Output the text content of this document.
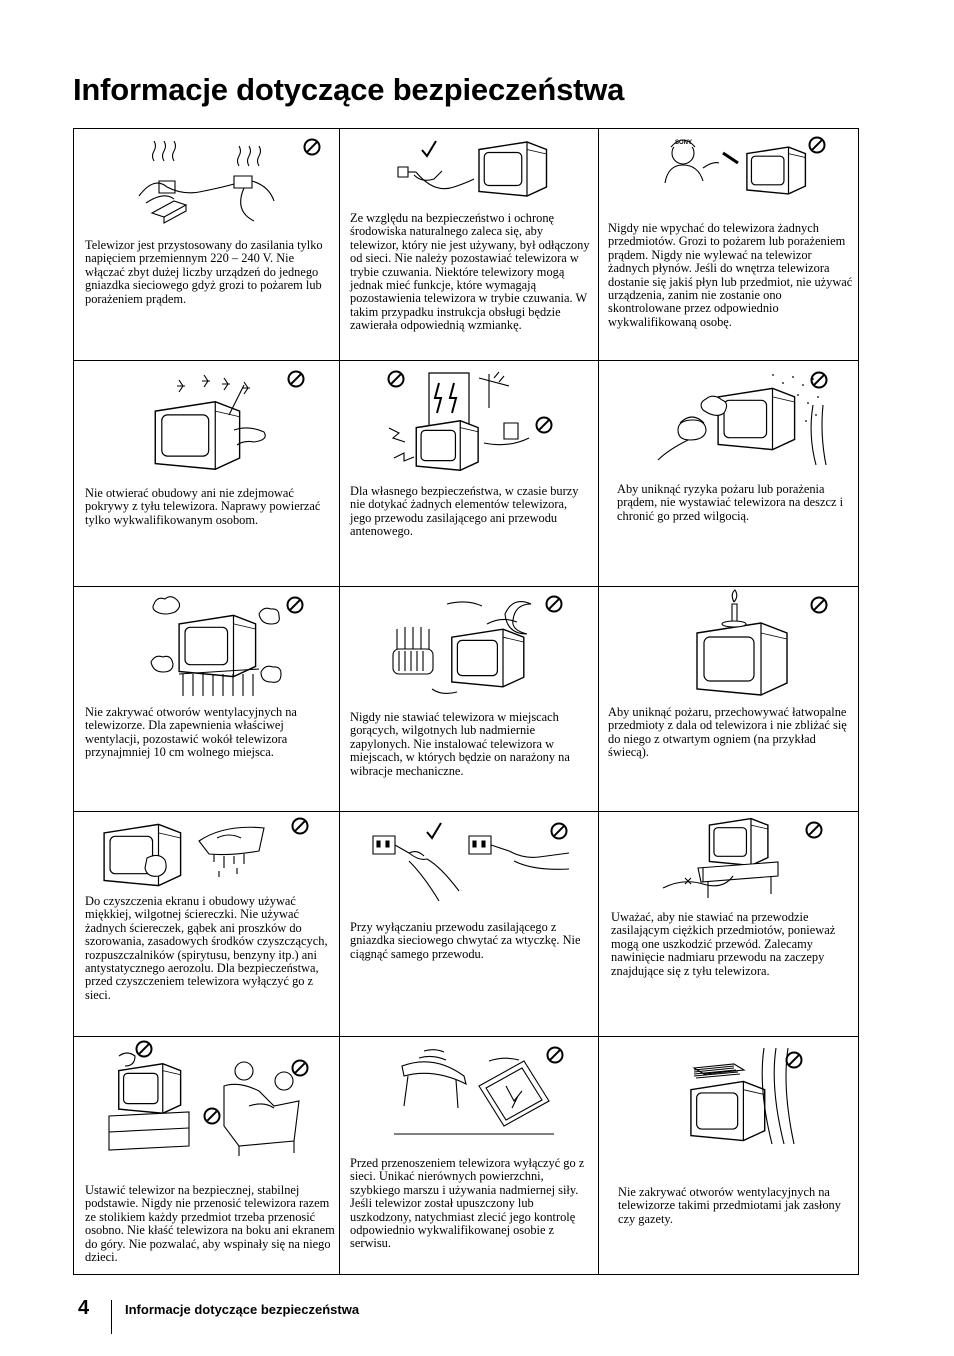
Informacje dotyczące bezpieczeństwa

Telewizor jest przystosowany do zasilania tylko napięciem przemiennym 220 – 240 V. Nie włączać zbyt dużej liczby urządzeń do jednego gniazdka sieciowego gdyż grozi to pożarem lub porażeniem prądem.

Ze względu na bezpieczeństwo i ochronę środowiska naturalnego zaleca się, aby telewizor, który nie jest używany, był odłączony od sieci. Nie należy pozostawiać telewizora w trybie czuwania. Niektóre telewizory mogą jednak mieć funkcje, które wymagają pozostawienia telewizora w trybie czuwania. W takim przypadku instrukcja obsługi będzie zawierała odpowiednią wzmiankę.

SONY

Nigdy nie wpychać do telewizora żadnych przedmiotów. Grozi to pożarem lub porażeniem prądem. Nigdy nie wylewać na telewizor żadnych płynów. Jeśli do wnętrza telewizora dostanie się jakiś płyn lub przedmiot, nie używać urządzenia, zanim nie zostanie ono skontrolowane przez odpowiednio wykwalifikowaną osobę.

Nie otwierać obudowy ani nie zdejmować pokrywy z tyłu telewizora. Naprawy powierzać tylko wykwalifikowanym osobom.

Dla własnego bezpieczeństwa, w czasie burzy nie dotykać żadnych elementów telewizora, jego przewodu zasilającego ani przewodu antenowego.

Aby uniknąć ryzyka pożaru lub porażenia prądem, nie wystawiać telewizora na deszcz i chronić go przed wilgocią.

Nie zakrywać otworów wentylacyjnych na telewizorze. Dla zapewnienia właściwej wentylacji, pozostawić wokół telewizora przynajmniej 10 cm wolnego miejsca.

Nigdy nie stawiać telewizora w miejscach gorących, wilgotnych lub nadmiernie zapylonych. Nie instalować telewizora w miejscach, w których będzie on narażony na wibracje mechaniczne.

Aby uniknąć pożaru, przechowywać łatwopalne przedmioty z dala od telewizora i nie zbliżać się do niego z otwartym ogniem (na przykład świecą).

Do czyszczenia ekranu i obudowy używać miękkiej, wilgotnej ściereczki. Nie używać żadnych ściereczek, gąbek ani proszków do szorowania, zasadowych środków czyszczących, rozpuszczalników (spirytusu, benzyny itp.) ani antystatycznego aerozolu. Dla bezpieczeństwa, przed czyszczeniem telewizora wyłączyć go z sieci.

Przy wyłączaniu przewodu zasilającego z gniazdka sieciowego chwytać za wtyczkę. Nie ciągnąć samego przewodu.

Uważać, aby nie stawiać na przewodzie zasilającym ciężkich przedmiotów, ponieważ mogą one uszkodzić przewód. Zalecamy nawinięcie nadmiaru przewodu na zaczepy znajdujące się z tyłu telewizora.

Ustawić telewizor na bezpiecznej, stabilnej podstawie. Nigdy nie przenosić telewizora razem ze stolikiem każdy przedmiot trzeba przenosić osobno. Nie kłaść telewizora na boku ani ekranem do góry. Nie pozwalać, aby wspinały się na niego dzieci.

Przed przenoszeniem telewizora wyłączyć go z sieci. Unikać nierównych powierzchni, szybkiego marszu i używania nadmiernej siły. Jeśli telewizor został upuszczony lub uszkodzony, natychmiast zlecić jego kontrolę odpowiednio wykwalifikowanej osobie z serwisu.

Nie zakrywać otworów wentylacyjnych na telewizorze takimi przedmiotami jak zasłony czy gazety.

4	Informacje dotyczące bezpieczeństwa
